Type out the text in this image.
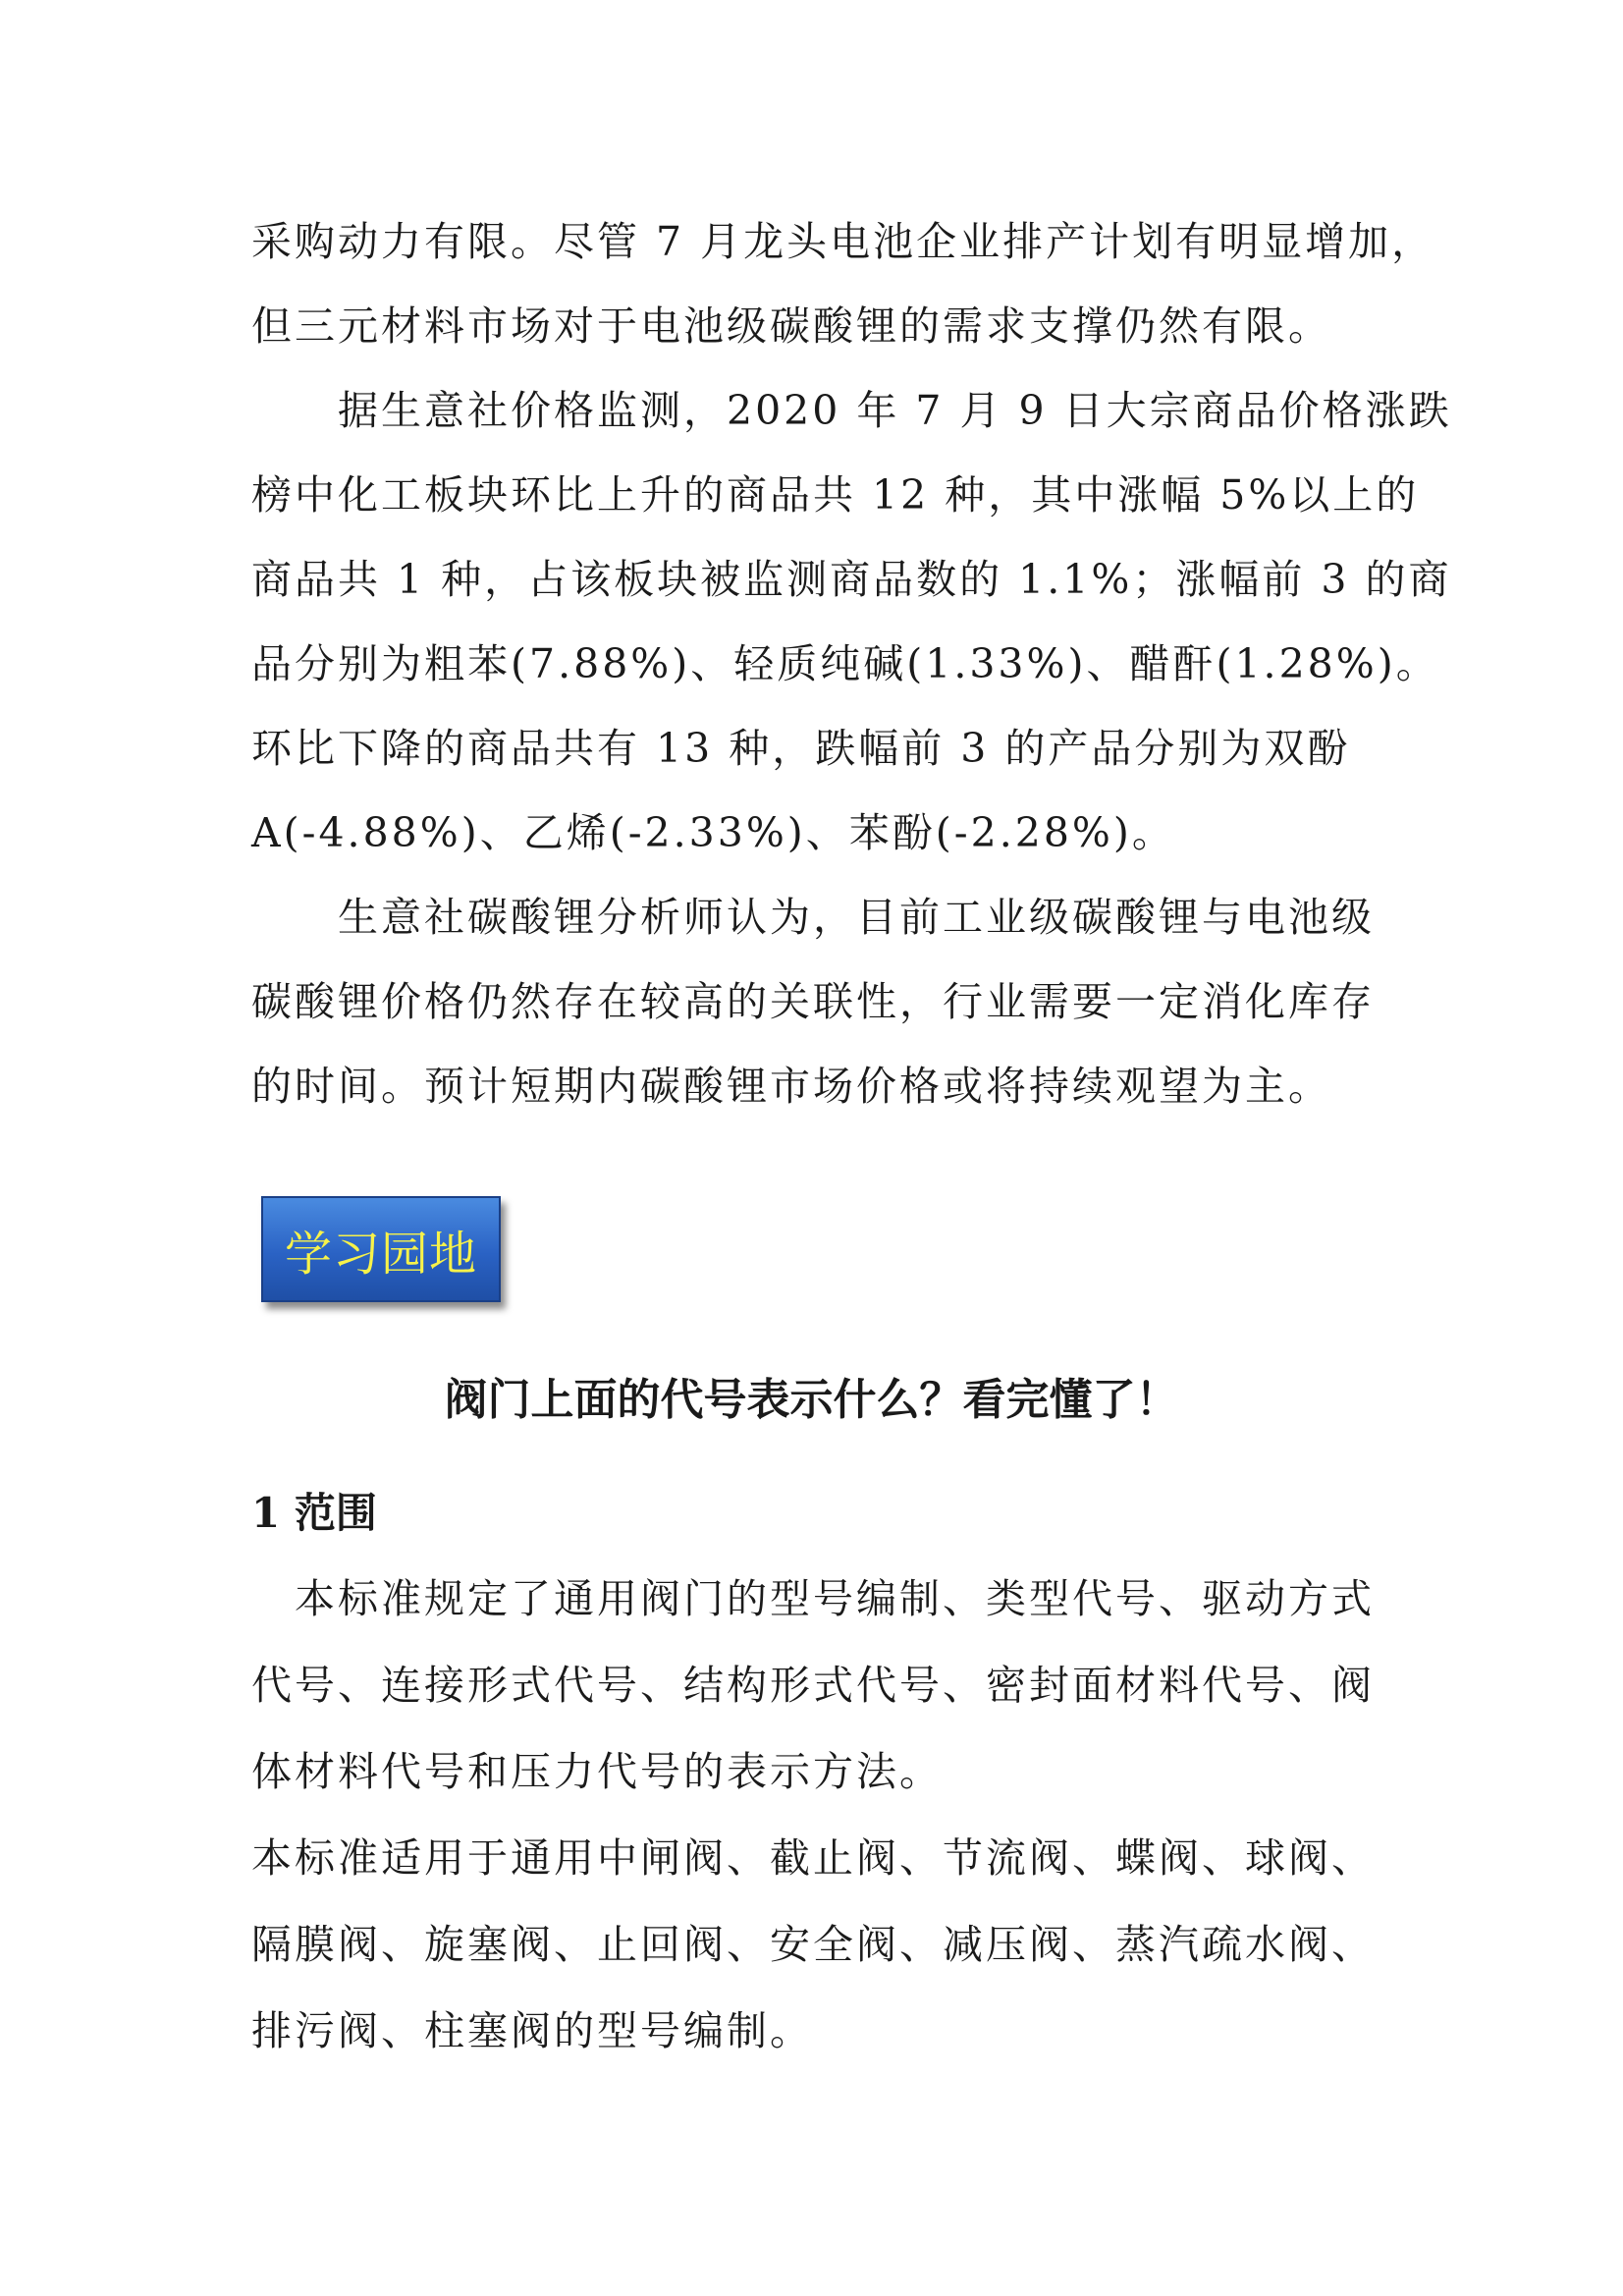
采购动力有限。尽管 7 月龙头电池企业排产计划有明显增加，

但三元材料市场对于电池级碳酸锂的需求支撑仍然有限。

　　据生意社价格监测，2020 年 7 月 9 日大宗商品价格涨跌

榜中化工板块环比上升的商品共 12 种，其中涨幅 5%以上的

商品共 1 种，占该板块被监测商品数的 1.1%；涨幅前 3 的商

品分别为粗苯(7.88%)、轻质纯碱(1.33%)、醋酐(1.28%)。

环比下降的商品共有 13 种，跌幅前 3 的产品分别为双酚

A(-4.88%)、乙烯(-2.33%)、苯酚(-2.28%)。

　　生意社碳酸锂分析师认为，目前工业级碳酸锂与电池级

碳酸锂价格仍然存在较高的关联性，行业需要一定消化库存

的时间。预计短期内碳酸锂市场价格或将持续观望为主。

学习园地
阀门上面的代号表示什么？看完懂了！
1 范围

　本标准规定了通用阀门的型号编制、类型代号、驱动方式

代号、连接形式代号、结构形式代号、密封面材料代号、阀

体材料代号和压力代号的表示方法。

本标准适用于通用中闸阀、截止阀、节流阀、蝶阀、球阀、

隔膜阀、旋塞阀、止回阀、安全阀、减压阀、蒸汽疏水阀、

排污阀、柱塞阀的型号编制。
